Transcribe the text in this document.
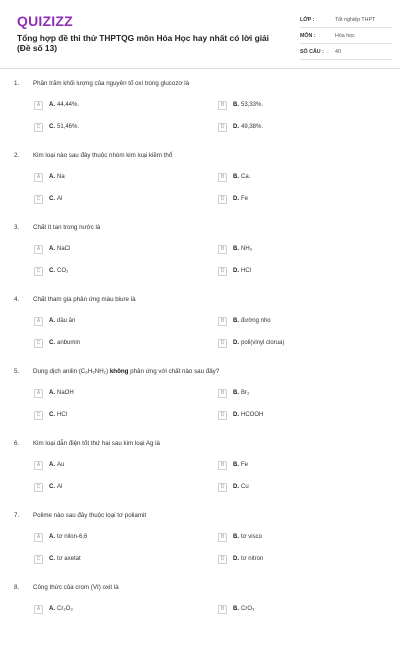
QUIZIZZ
Tổng hợp đề thi thử THPTQG môn Hóa Học hay nhất có lời giải (Đề số 13)
LỚP :	Tốt nghiệp THPT
MÔN :	Hóa học
SỐ CÂU :	40
1.	Phần trăm khối lượng của nguyên tố oxi trong glucozơ là
A	A. 44,44%.	B	B. 53,33%.
C	C. 51,46%.	D	D. 49,38%.
2.	Kim loại nào sau đây thuộc nhóm kim loại kiềm thổ
A	A. Na	B	B. Ca.
C	C. Al	D	D. Fe
3.	Chất ít tan trong nước là
A	A. NaCl	B	B. NH₃
C	C. CO₂	D	D. HCl
4.	Chất tham gia phản ứng màu biure là
A	A. dầu ăn	B	B. đường nho
C	C. anbumin	D	D. poli(vinyl clorua)
5.	Dung dịch anilin (C₆H₅NH₂) không phản ứng với chất nào sau đây?
A	A. NaOH	B	B. Br₂
C	C. HCl	D	D. HCOOH
6.	Kim loại dẫn điện tốt thứ hai sau kim loại Ag là
A	A. Au	B	B. Fe
C	C. Al	D	D. Cu
7.	Polime nào sau đây thuộc loại tơ poliamit
A	A. tơ nilon-6,6	B	B. tơ visco
C	C. tơ axetat	D	D. tơ nitron
8.	Công thức của crom (VI) oxit là
A	A. Cr₂O₃	B	B. CrO₃
